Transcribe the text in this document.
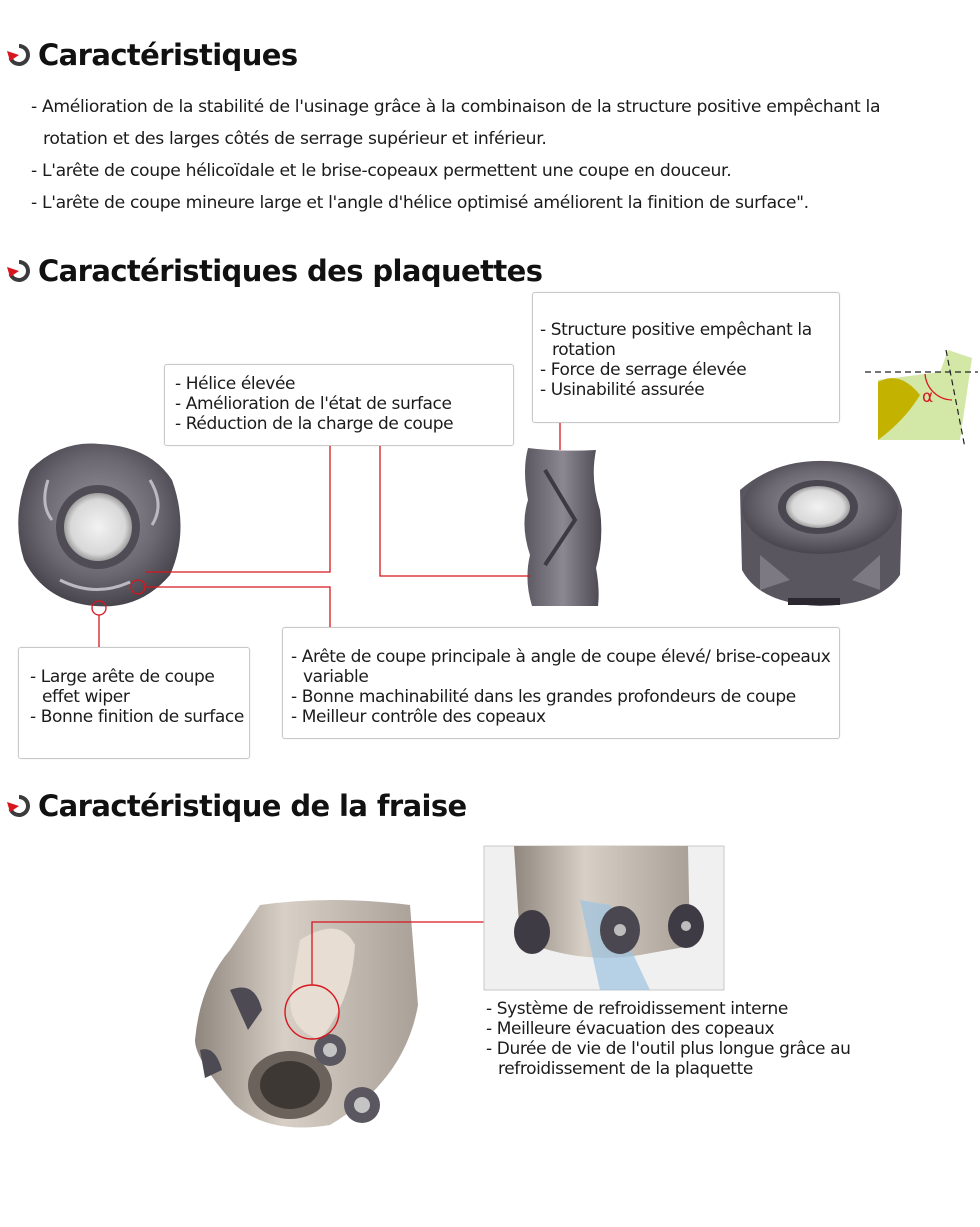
Caractéristiques
- Amélioration de la stabilité de l'usinage grâce à la combinaison de la structure positive empêchant la rotation et des larges côtés de serrage supérieur et inférieur.
- L'arête de coupe hélicoïdale et le brise-copeaux permettent une coupe en douceur.
- L'arête de coupe mineure large et l'angle d'hélice optimisé améliorent la finition de surface".
Caractéristiques des plaquettes
α
- Hélice élevée
- Amélioration de l'état de surface
- Réduction de la charge de coupe
- Structure positive empêchant la rotation
- Force de serrage élevée
- Usinabilité assurée
- Large arête de coupe effet wiper
- Bonne finition de surface
- Arête de coupe principale à angle de coupe élevé/ brise-copeaux variable
- Bonne machinabilité dans les grandes profondeurs de coupe
- Meilleur contrôle des copeaux
Caractéristique de la fraise
- Système de refroidissement interne
- Meilleure évacuation des copeaux
- Durée de vie de l'outil plus longue grâce au refroidissement de la plaquette
